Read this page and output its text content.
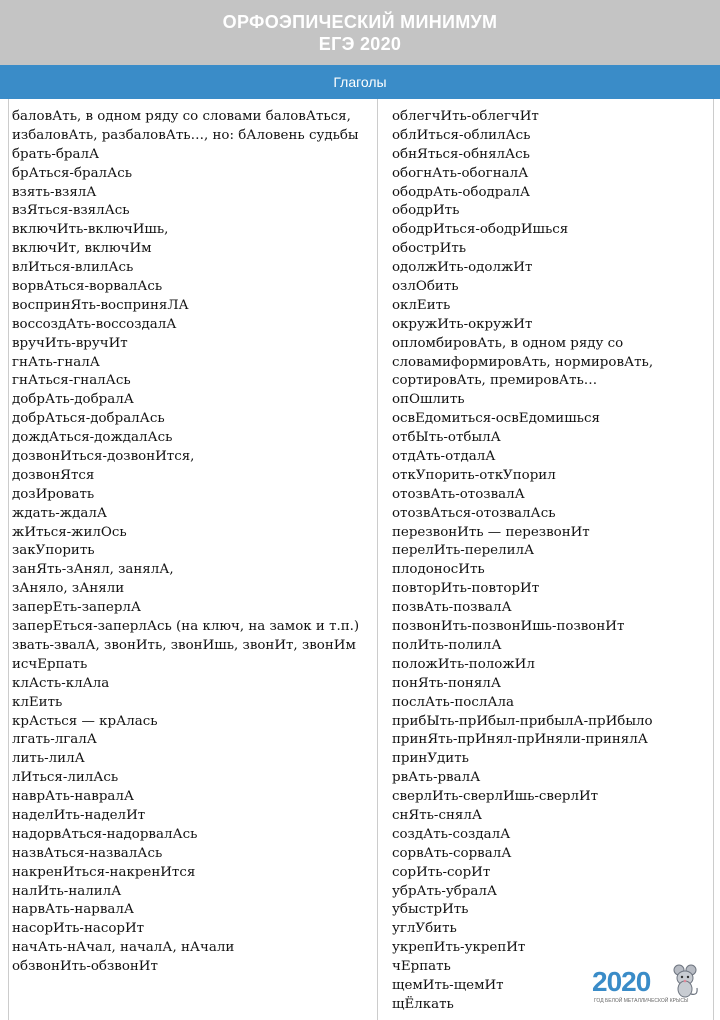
ОРФОЭПИЧЕСКИЙ МИНИМУМ
ЕГЭ 2020
Глаголы
баловАть, в одном ряду со словами баловАться,
избаловАть, разбаловАть…, но: бАловень судьбы
брать-бралА
брАться-бралАсь
взять-взялА
взЯться-взялАсь
включИть-включИшь,
включИт, включИм
влИться-влилАсь
ворвАться-ворвалАсь
воспринЯть-восприняЛА
воссоздАть-воссоздалА
вручИть-вручИт
гнАть-гналА
гнАться-гналАсь
добрАть-добралА
добрАться-добралАсь
дождАться-дождалАсь
дозвонИться-дозвонИтся,
дозвонЯтся
дозИровать
ждать-ждалА
жИться-жилОсь
закУпорить
занЯть-зАнял, занялА,
зАняло, зАняли
заперЕть-заперлА
заперЕться-заперлАсь (на ключ, на замок и т.п.)
звать-звалА, звонИть, звонИшь, звонИт, звонИм
исчЕрпать
клАсть-клАла
клЕить
крАсться — крАлась
лгать-лгалА
лить-лилА
лИться-лилАсь
наврАть-навралА
наделИть-наделИт
надорвАться-надорвалАсь
назвАться-назвалАсь
накренИться-накренИтся
налИть-налилА
нарвАть-нарвалА
насорИть-насорИт
начАть-нАчал, началА, нАчали
обзвонИть-обзвонИт
облегчИть-облегчИт
облИться-облилАсь
обнЯться-обнялАсь
обогнАть-обогналА
ободрАть-ободралА
ободрИть
ободрИться-ободрИшься
обострИть
одолжИть-одолжИт
озлОбить
оклЕить
окружИть-окружИт
опломбировАть, в одном ряду со
словамиформировАть, нормировАть,
сортировАть, премировАть…
опОшлить
освЕдомиться-освЕдомишься
отбЫть-отбылА
отдАть-отдалА
откУпорить-откУпорил
отозвАть-отозвалА
отозвАться-отозвалАсь
перезвонИть — перезвонИт
перелИть-перелилА
плодоносИть
повторИть-повторИт
позвАть-позвалА
позвонИть-позвонИшь-позвонИт
полИть-полилА
положИть-положИл
понЯть-понялА
послАть-послАла
прибЫть-прИбыл-прибылА-прИбыло
принЯть-прИнял-прИняли-принялА
принУдить
рвАть-рвалА
сверлИть-сверлИшь-сверлИт
снЯть-снялА
создАть-создалА
сорвАть-сорвалА
сорИть-сорИт
убрАть-убралА
убыстрИть
углУбить
укрепИть-укрепИт
чЕрпать
щемИть-щемИт
щЁлкать
2020
ГОД БЕЛОЙ МЕТАЛЛИЧЕСКОЙ КРЫСЫ
